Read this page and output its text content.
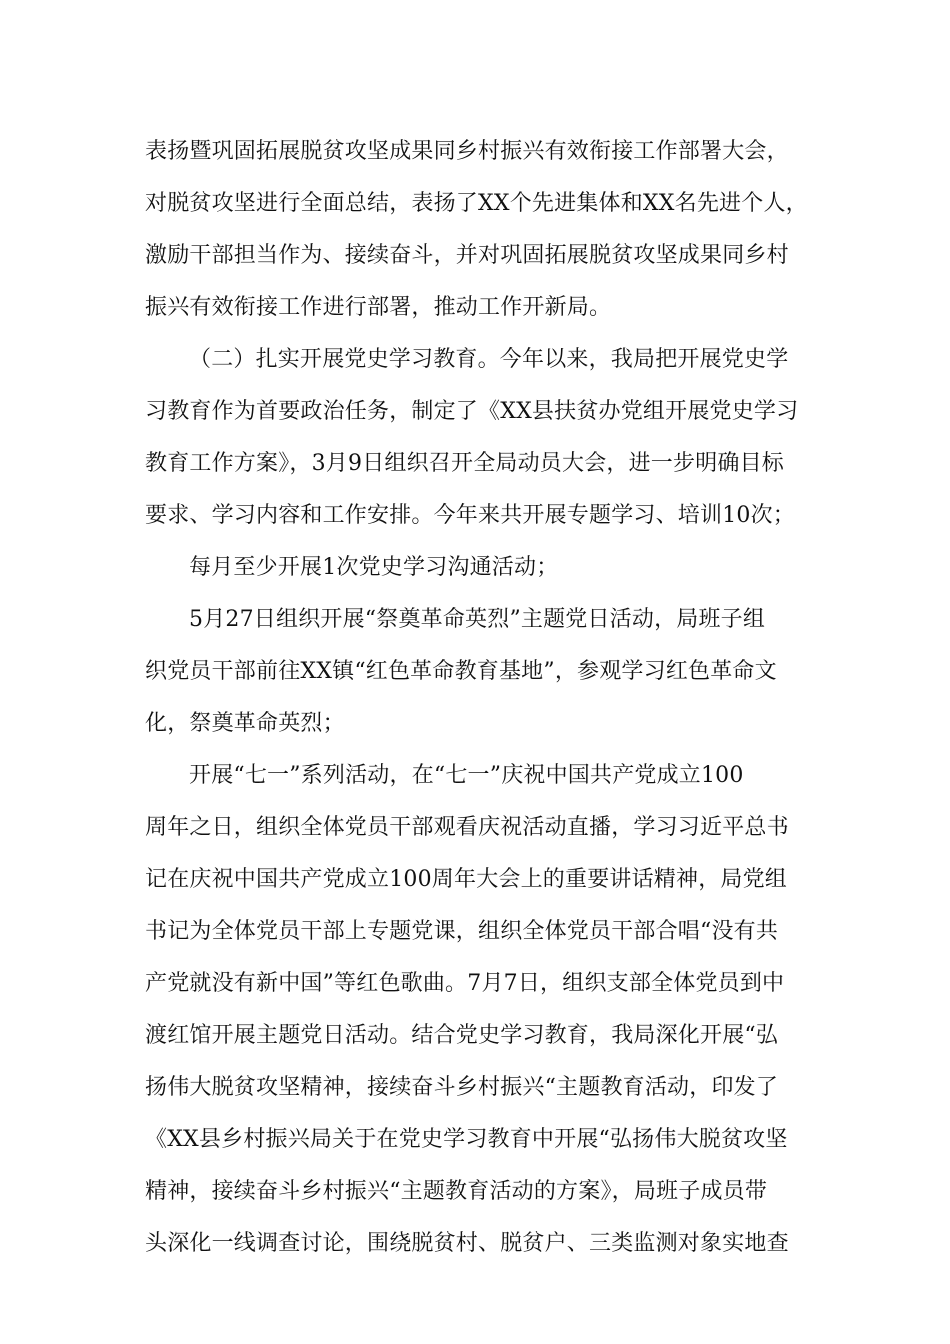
表扬暨巩固拓展脱贫攻坚成果同乡村振兴有效衔接工作部署大会，
对脱贫攻坚进行全面总结，表扬了XX个先进集体和XX名先进个人，
激励干部担当作为、接续奋斗，并对巩固拓展脱贫攻坚成果同乡村
振兴有效衔接工作进行部署，推动工作开新局。
（二）扎实开展党史学习教育。今年以来，我局把开展党史学
习教育作为首要政治任务，制定了《XX县扶贫办党组开展党史学习
教育工作方案》，3月9日组织召开全局动员大会，进一步明确目标
要求、学习内容和工作安排。今年来共开展专题学习、培训10次；
每月至少开展1次党史学习沟通活动；
5月27日组织开展“祭奠革命英烈”主题党日活动，局班子组
织党员干部前往XX镇“红色革命教育基地”，参观学习红色革命文
化，祭奠革命英烈；
开展“七一”系列活动，在“七一”庆祝中国共产党成立100
周年之日，组织全体党员干部观看庆祝活动直播，学习习近平总书
记在庆祝中国共产党成立100周年大会上的重要讲话精神，局党组
书记为全体党员干部上专题党课，组织全体党员干部合唱“没有共
产党就没有新中国”等红色歌曲。7月7日，组织支部全体党员到中
渡红馆开展主题党日活动。结合党史学习教育，我局深化开展“弘
扬伟大脱贫攻坚精神，接续奋斗乡村振兴“主题教育活动，印发了
《XX县乡村振兴局关于在党史学习教育中开展“弘扬伟大脱贫攻坚
精神，接续奋斗乡村振兴“主题教育活动的方案》，局班子成员带
头深化一线调查讨论，围绕脱贫村、脱贫户、三类监测对象实地查
